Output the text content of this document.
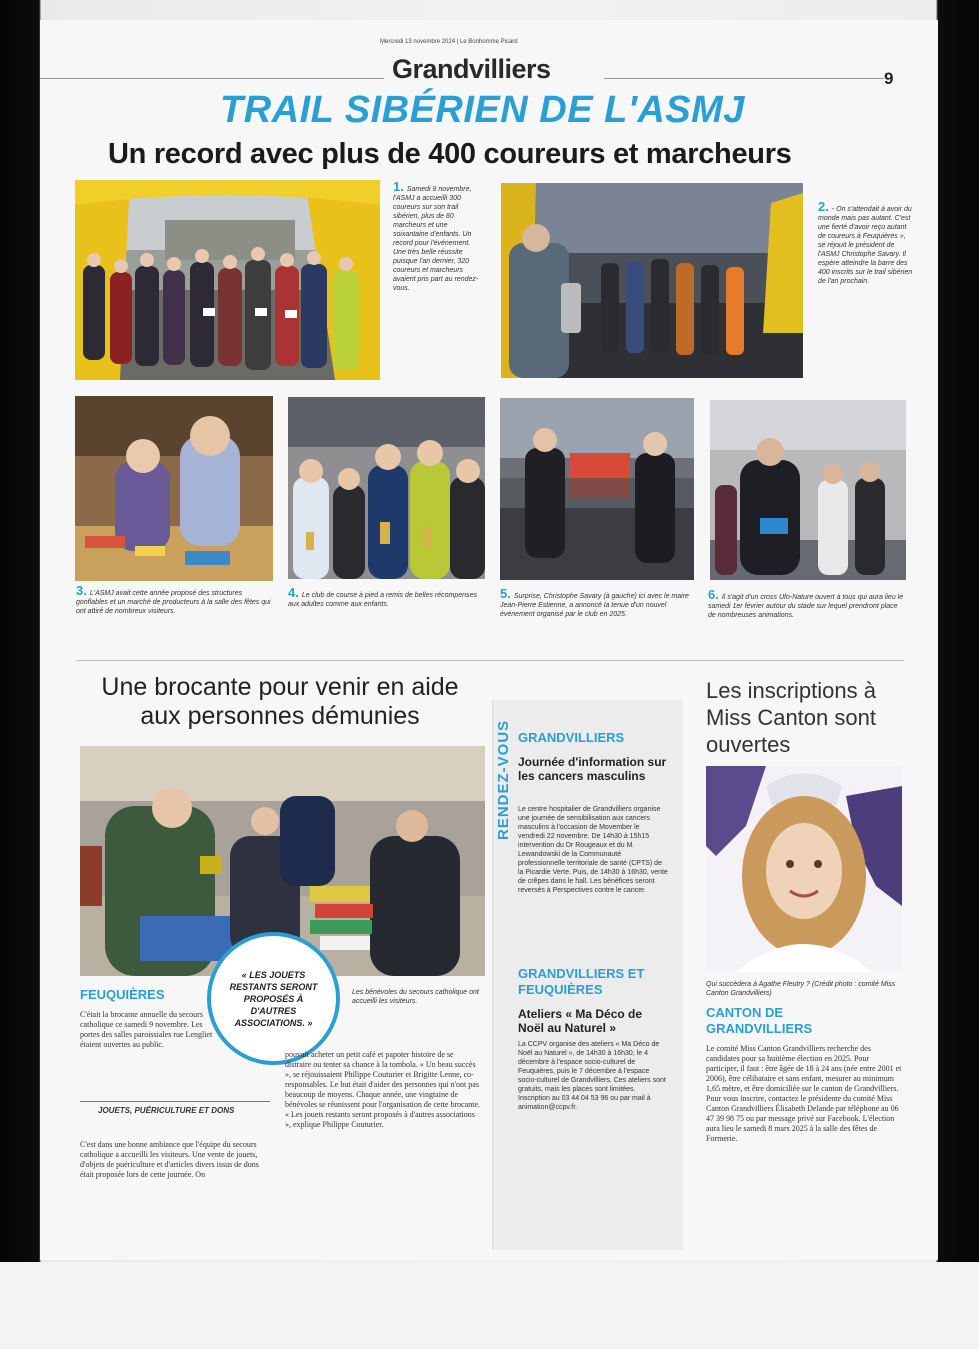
Mercredi 13 novembre 2024 | Le Bonhomme Picard
Grandvilliers	9
TRAIL SIBÉRIEN DE L'ASMJ
Un record avec plus de 400 coureurs et marcheurs
1. Samedi 9 novembre, l'ASMJ a accueilli 300 coureurs sur son trail sibérien, plus de 80 marcheurs et une soixantaine d'enfants. Un record pour l'événement. Une très belle réussite puisque l'an dernier, 320 coureurs et marcheurs avaient pris part au rendez-vous.
2. - On s'attendait à avoir du monde mais pas autant. C'est une fierté d'avoir reçu autant de coureurs à Feuquières », se réjouit le président de l'ASMJ Christophe Savary. Il espère atteindre la barre des 400 inscrits sur le trail sibérien de l'an prochain.
3. L'ASMJ avait cette année proposé des structures gonflables et un marché de producteurs à la salle des fêtes qui ont attiré de nombreux visiteurs.
4. Le club de course à pied a remis de belles récompenses aux adultes comme aux enfants.
5. Surprise, Christophe Savary (à gauche) ici avec le maire Jean-Pierre Estienne, a annoncé la tenue d'un nouvel événement organisé par le club en 2025.
6. Il s'agit d'un cross Ufo-Nature ouvert à tous qui aura lieu le samedi 1er février autour du stade sur lequel prendront place de nombreuses animations.
Une brocante pour venir en aide aux personnes démunies
FEUQUIÈRES
C'était la brocante annuelle du secours catholique ce samedi 9 novembre. Les portes des salles paroissiales rue Lengliet étaient ouvertes au public.
« LES JOUETS RESTANTS SERONT PROPOSÉS À D'AUTRES ASSOCIATIONS. »
Les bénévoles du secours catholique ont accueilli les visiteurs.
JOUETS, PUÉRICULTURE ET DONS
C'est dans une bonne ambiance que l'équipe du secours catholique a accueilli les visiteurs. Une vente de jouets, d'objets de puériculture et d'articles divers issus de dons était proposée lors de cette journée. On
pouvait acheter un petit café et papoter histoire de se distraire ou tenter sa chance à la tombola. « Un beau succès », se réjouissaient Philippe Couturier et Brigitte Lenne, co-responsables. Le but était d'aider des personnes qui n'ont pas beaucoup de moyens. Chaque année, une vingtaine de bénévoles se réunissent pour l'organisation de cette brocante. « Les jouets restants seront proposés à d'autres associations », explique Philippe Couturier.
RENDEZ-VOUS GRANDVILLIERS
Journée d'information sur les cancers masculins
Le centre hospitalier de Grandvilliers organise une journée de sensibilisation aux cancers masculins à l'occasion de Movember le vendredi 22 novembre. De 14h30 à 15h15 intervention du Dr Rougeaux et du M. Lewandowski de la Communauté professionnelle territoriale de santé (CPTS) de la Picardie Verte. Puis, de 14h30 à 16h30, vente de crêpes dans le hall. Les bénéfices seront reversés à Perspectives contre le cancer.
GRANDVILLIERS ET FEUQUIÈRES
Ateliers « Ma Déco de Noël au Naturel »
La CCPV organise des ateliers « Ma Déco de Noël au Naturel », de 14h30 à 16h30, le 4 décembre à l'espace socio-culturel de Feuquières, puis le 7 décembre à l'espace socio-culturel de Grandvilliers. Ces ateliers sont gratuits, mais les places sont limitées. Inscription au 03 44 04 53 96 ou par mail à animation@ccpv.fr.
Les inscriptions à Miss Canton sont ouvertes
Qui succèdera à Agathe Fleutry ? (Crédit photo : comité Miss Canton Grandvilliers)
CANTON DE GRANDVILLIERS
Le comité Miss Canton Grandvilliers recherche des candidates pour sa huitième élection en 2025. Pour participer, il faut : être âgée de 18 à 24 ans (née entre 2001 et 2006), être célibataire et sans enfant, mesurer au minimum 1,65 mètre, et être domiciliée sur le canton de Grandvilliers. Pour vous inscrire, contactez le présidente du comité Miss Canton Grandvilliers Élisabeth Delande par téléphone au 06 47 39 98 75 ou par message privé sur Facebook. L'élection aura lieu le samedi 8 mars 2025 à la salle des fêtes de Formerie.
